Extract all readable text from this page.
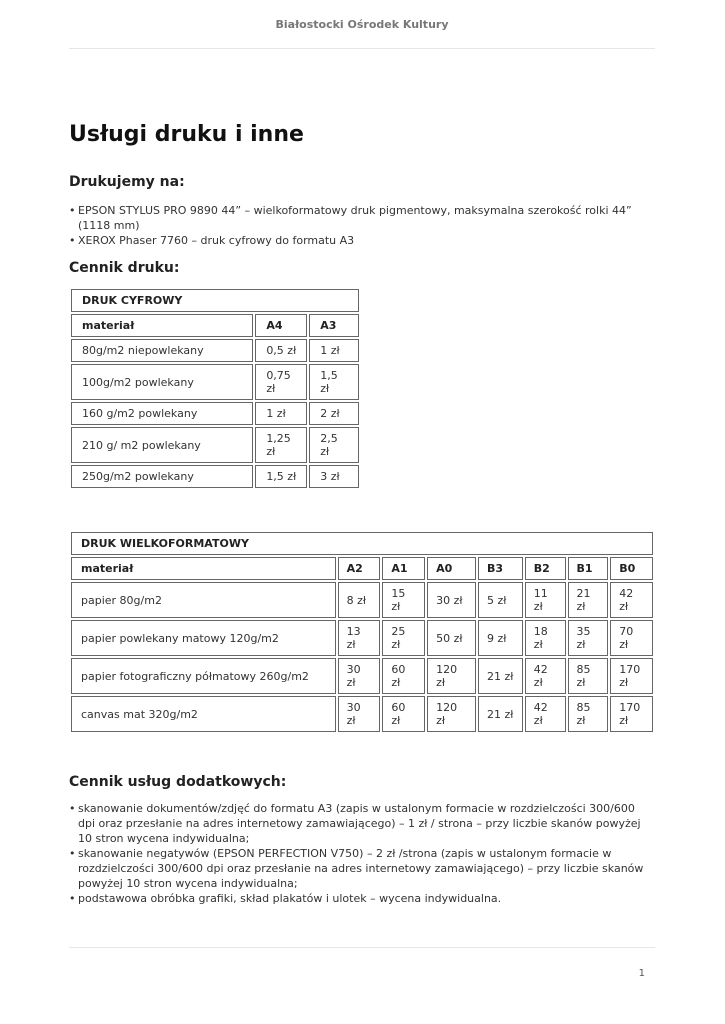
Białostocki Ośrodek Kultury
Usługi druku i inne
Drukujemy na:
• EPSON STYLUS PRO 9890 44” – wielkoformatowy druk pigmentowy, maksymalna szerokość rolki 44” (1118 mm)
• XEROX Phaser 7760 – druk cyfrowy do formatu A3
Cennik druku:
DRUK CYFROWY		
materiał	A4	A3
80g/m2 niepowlekany	0,5 zł	1 zł
100g/m2 powlekany	0,75 zł	1,5 zł
160 g/m2 powlekany	1 zł	2 zł
210 g/ m2 powlekany	1,25 zł	2,5 zł
250g/m2 powlekany	1,5 zł	3 zł
DRUK WIELKOFORMATOWY							
materiał	A2	A1	A0	B3	B2	B1	B0
papier 80g/m2	8 zł	15 zł	30 zł	5 zł	11 zł	21 zł	42 zł
papier powlekany matowy 120g/m2	13 zł	25 zł	50 zł	9 zł	18 zł	35 zł	70 zł
papier fotograficzny półmatowy 260g/m2	30 zł	60 zł	120 zł	21 zł	42 zł	85 zł	170 zł
canvas mat 320g/m2	30 zł	60 zł	120 zł	21 zł	42 zł	85 zł	170 zł
Cennik usług dodatkowych:
• skanowanie dokumentów/zdjęć do formatu A3 (zapis w ustalonym formacie w rozdzielczości 300/600 dpi oraz przesłanie na adres internetowy zamawiającego) – 1 zł / strona – przy liczbie skanów powyżej 10 stron wycena indywidualna;
• skanowanie negatywów (EPSON PERFECTION V750) – 2 zł /strona (zapis w ustalonym formacie w rozdzielczości 300/600 dpi oraz przesłanie na adres internetowy zamawiającego) – przy liczbie skanów powyżej 10 stron wycena indywidualna;
• podstawowa obróbka grafiki, skład plakatów i ulotek – wycena indywidualna.
1
